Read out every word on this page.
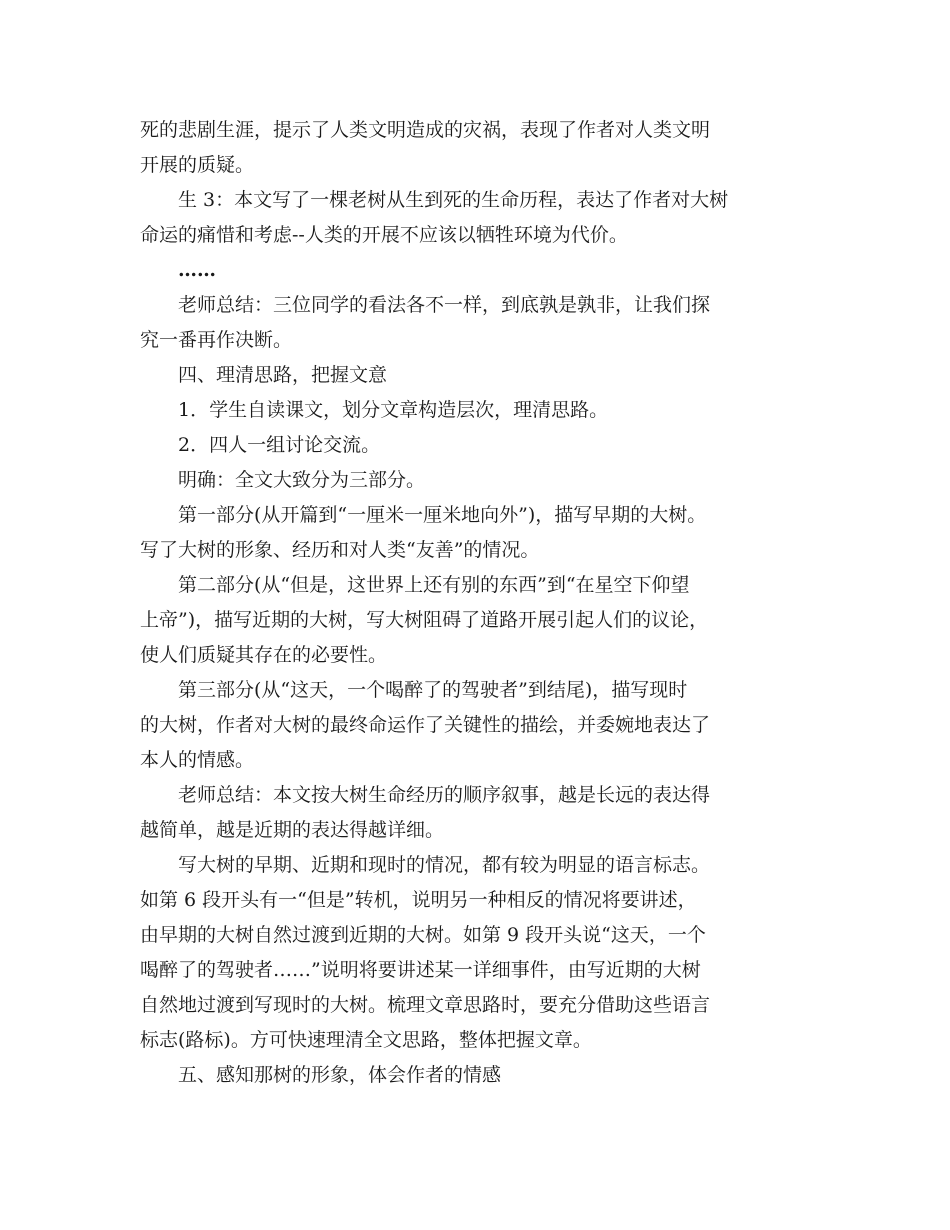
死的悲剧生涯，提示了人类文明造成的灾祸，表现了作者对人类文明
开展的质疑。
生 3：本文写了一棵老树从生到死的生命历程，表达了作者对大树
命运的痛惜和考虑--人类的开展不应该以牺牲环境为代价。
……
老师总结：三位同学的看法各不一样，到底孰是孰非，让我们探
究一番再作决断。
四、理清思路，把握文意
1．学生自读课文，划分文章构造层次，理清思路。
2．四人一组讨论交流。
明确：全文大致分为三部分。
第一部分(从开篇到“一厘米一厘米地向外”)，描写早期的大树。
写了大树的形象、经历和对人类“友善”的情况。
第二部分(从“但是，这世界上还有别的东西”到“在星空下仰望
上帝”)，描写近期的大树，写大树阻碍了道路开展引起人们的议论，
使人们质疑其存在的必要性。
第三部分(从“这天，一个喝醉了的驾驶者”到结尾)，描写现时
的大树，作者对大树的最终命运作了关键性的描绘，并委婉地表达了
本人的情感。
老师总结：本文按大树生命经历的顺序叙事，越是长远的表达得
越简单，越是近期的表达得越详细。
写大树的早期、近期和现时的情况，都有较为明显的语言标志。
如第 6 段开头有一“但是”转机，说明另一种相反的情况将要讲述，
由早期的大树自然过渡到近期的大树。如第 9 段开头说“这天，一个
喝醉了的驾驶者……”说明将要讲述某一详细事件，由写近期的大树
自然地过渡到写现时的大树。梳理文章思路时，要充分借助这些语言
标志(路标)。方可快速理清全文思路，整体把握文章。
五、感知那树的形象，体会作者的情感
